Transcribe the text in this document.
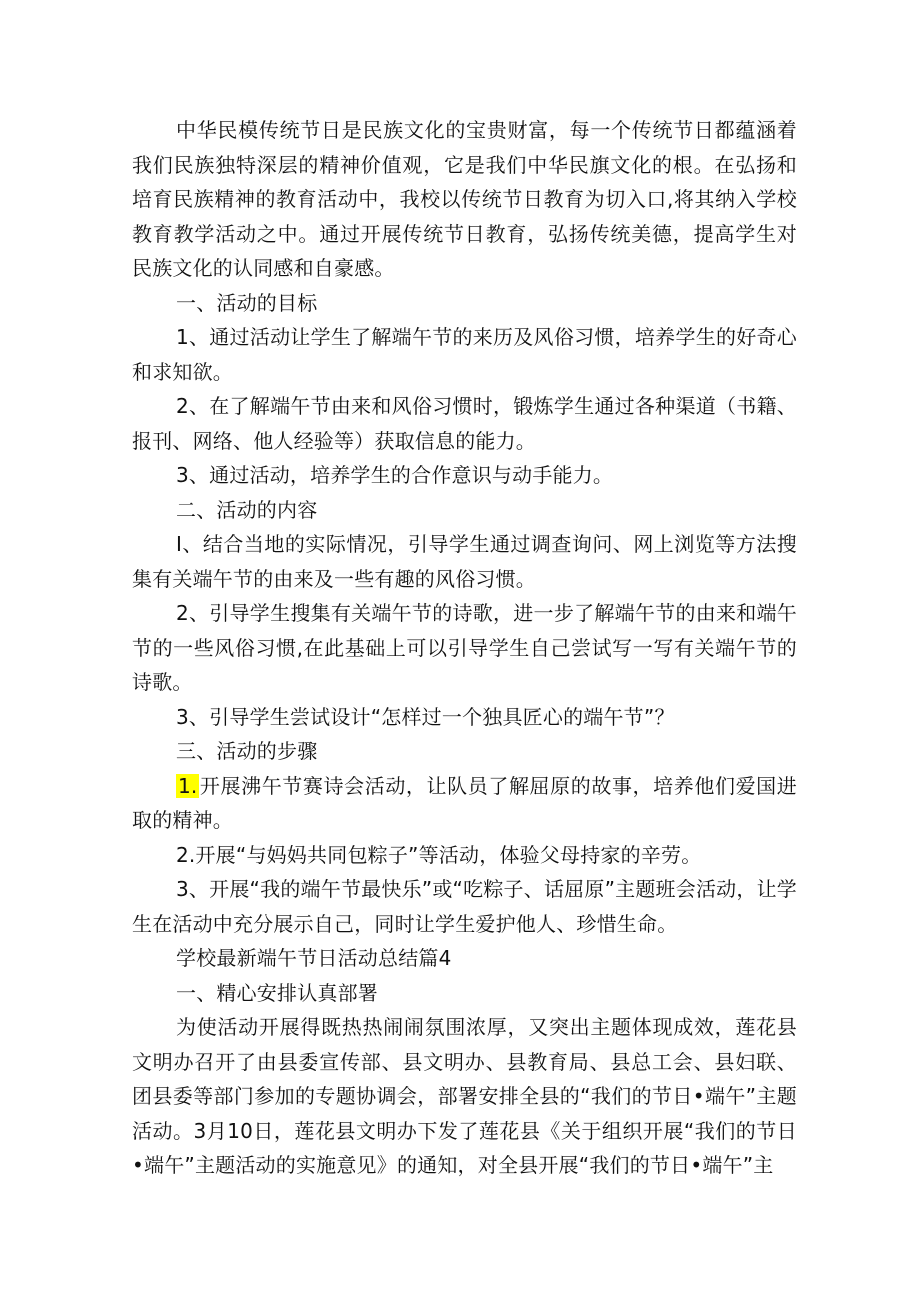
中华民模传统节日是民族文化的宝贵财富，每一个传统节日都蕴涵着我们民族独特深层的精神价值观，它是我们中华民旗文化的根。在弘扬和培育民族精神的教育活动中，我校以传统节日教育为切入口,将其纳入学校教育教学活动之中。通过开展传统节日教育，弘扬传统美德，提高学生对民族文化的认同感和自豪感。

一、活动的目标

1、通过活动让学生了解端午节的来历及风俗习惯，培养学生的好奇心和求知欲。

2、在了解端午节由来和风俗习惯时，锻炼学生通过各种渠道（书籍、报刊、网络、他人经验等）获取信息的能力。

3、通过活动，培养学生的合作意识与动手能力。

二、活动的内容

I、结合当地的实际情况，引导学生通过调查询问、网上浏览等方法搜集有关端午节的由来及一些有趣的风俗习惯。

2、引导学生搜集有关端午节的诗歌，进一步了解端午节的由来和端午节的一些风俗习惯,在此基础上可以引导学生自己尝试写一写有关端午节的诗歌。

3、引导学生尝试设计“怎样过一个独具匠心的端午节”？

三、活动的步骤

1. 开展沸午节赛诗会活动，让队员了解屈原的故事，培养他们爱国进取的精神。

2.开展“与妈妈共同包粽子”等活动，体验父母持家的辛劳。

3、开展“我的端午节最快乐”或“吃粽子、话屈原”主题班会活动，让学生在活动中充分展示自己，同时让学生爱护他人、珍惜生命。

学校最新端午节日活动总结篇4

一、精心安排认真部署

为使活动开展得既热热闹闹氛围浓厚，又突出主题体现成效，莲花县文明办召开了由县委宣传部、县文明办、县教育局、县总工会、县妇联、团县委等部门参加的专题协调会，部署安排全县的“我们的节日•端午”主题活动。3月10日，莲花县文明办下发了莲花县《关于组织开展“我们的节日•端午”主题活动的实施意见》的通知，对全县开展“我们的节日•端午”主
